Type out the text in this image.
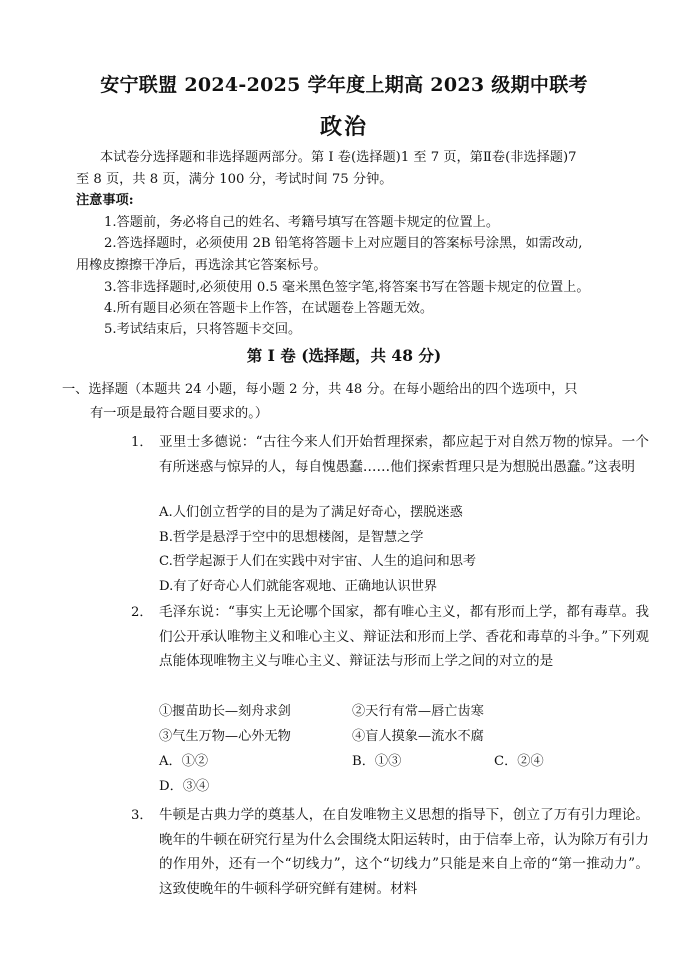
安宁联盟 2024-2025 学年度上期高 2023 级期中联考
政治
本试卷分选择题和非选择题两部分。第 I 卷(选择题)1 至 7 页，第Ⅱ卷(非选择题)7
至 8 页，共 8 页，满分 100 分，考试时间 75 分钟。
注意事项:
1.答题前，务必将自己的姓名、考籍号填写在答题卡规定的位置上。
2.答选择题时，必须使用 2B 铅笔将答题卡上对应题目的答案标号涂黑，如需改动,
用橡皮擦擦干净后，再选涂其它答案标号。
3.答非选择题时,必须使用 0.5 毫米黑色签字笔,将答案书写在答题卡规定的位置上。
4.所有题目必须在答题卡上作答，在试题卷上答题无效。
5.考试结束后，只将答题卡交回。
第 I 卷 (选择题，共 48 分)
一、选择题（本题共 24 小题，每小题 2 分，共 48 分。在每小题给出的四个选项中，只
有一项是最符合题目要求的。）
1． 亚里士多德说：“古往今来人们开始哲理探索，都应起于对自然万物的惊异。一个有所迷惑与惊异的人，每自愧愚蠢……他们探索哲理只是为想脱出愚蠢。”这表明
A.人们创立哲学的目的是为了满足好奇心，摆脱迷惑
B.哲学是悬浮于空中的思想楼阁，是智慧之学
C.哲学起源于人们在实践中对宇宙、人生的追问和思考
D.有了好奇心人们就能客观地、正确地认识世界
2． 毛泽东说：“事实上无论哪个国家，都有唯心主义，都有形而上学，都有毒草。我们公开承认唯物主义和唯心主义、辩证法和形而上学、香花和毒草的斗争。”下列观点能体现唯物主义与唯心主义、辩证法与形而上学之间的对立的是
①揠苗助长—刻舟求剑	②天行有常—唇亡齿寒
③气生万物—心外无物	④盲人摸象—流水不腐
A．①②	B．①③	C．②④
D．③④
3． 牛顿是古典力学的奠基人，在自发唯物主义思想的指导下，创立了万有引力理论。晚年的牛顿在研究行星为什么会围绕太阳运转时，由于信奉上帝，认为除万有引力的作用外，还有一个“切线力”，这个“切线力”只能是来自上帝的“第一推动力”。这致使晚年的牛顿科学研究鲜有建树。材料
